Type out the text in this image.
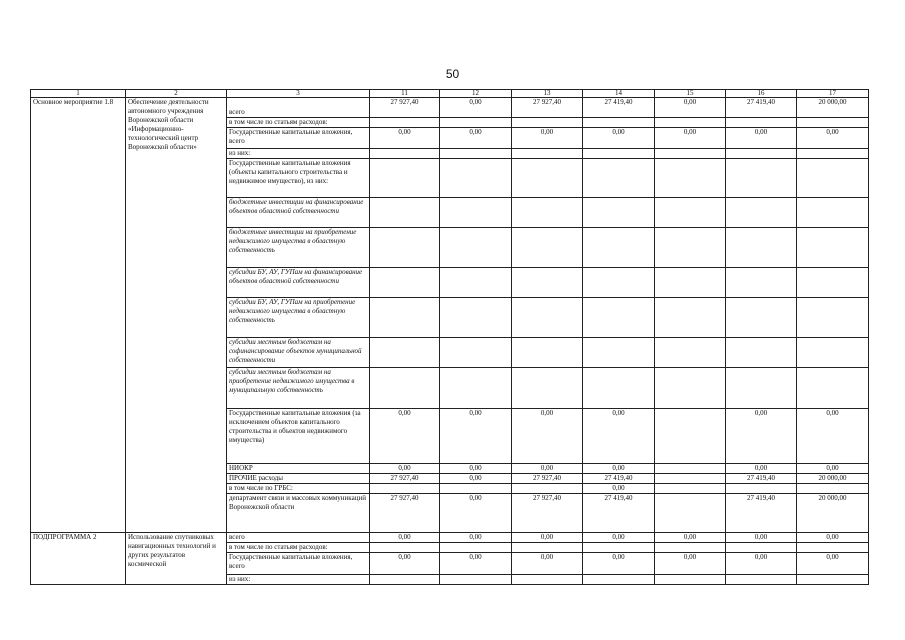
50
1	2	3	11	12	13	14	15	16	17
Основное мероприятие 1.8	Обеспечение деятельности автономного учреждения Воронежской области «Информационно-технологический центр Воронежской области»	всего	27 927,40	0,00	27 927,40	27 419,40	0,00	27 419,40	20 000,00
		в том числе по статьям расходов:							
		Государственные капитальные вложения, всего	0,00	0,00	0,00	0,00	0,00	0,00	0,00
		из них:							
		Государственные капитальные вложения (объекты капитального строительства и недвижимое имущество), из них:							
		бюджетные инвестиции на финансирование объектов областной собственности							
		бюджетные инвестиции на приобретение недвижимого имущества в областную собственность							
		субсидии БУ, АУ, ГУПам на финансирование объектов областной собственности							
		субсидии БУ, АУ, ГУПам на приобретение недвижимого имущества в областную собственность							
		субсидии местным бюджетам на софинансирование объектов муниципальной собственности							
		субсидии местным бюджетам на приобретение недвижимого имущества в муниципальную собственность							
		Государственные капитальные вложения (за исключением объектов капитального строительства и объектов недвижимого имущества)	0,00	0,00	0,00	0,00		0,00	0,00
		НИОКР	0,00	0,00	0,00	0,00		0,00	0,00
		ПРОЧИЕ расходы	27 927,40	0,00	27 927,40	27 419,40		27 419,40	20 000,00
		в том числе по ГРБС:				0,00			
		департамент связи и массовых коммуникаций Воронежской области	27 927,40	0,00	27 927,40	27 419,40		27 419,40	20 000,00
ПОДПРОГРАММА 2	Использование спутниковых навигационных технологий и других результатов космической	всего	0,00	0,00	0,00	0,00	0,00	0,00	0,00
		в том числе по статьям расходов:							
		Государственные капитальные вложения, всего	0,00	0,00	0,00	0,00	0,00	0,00	0,00
		из них:							
